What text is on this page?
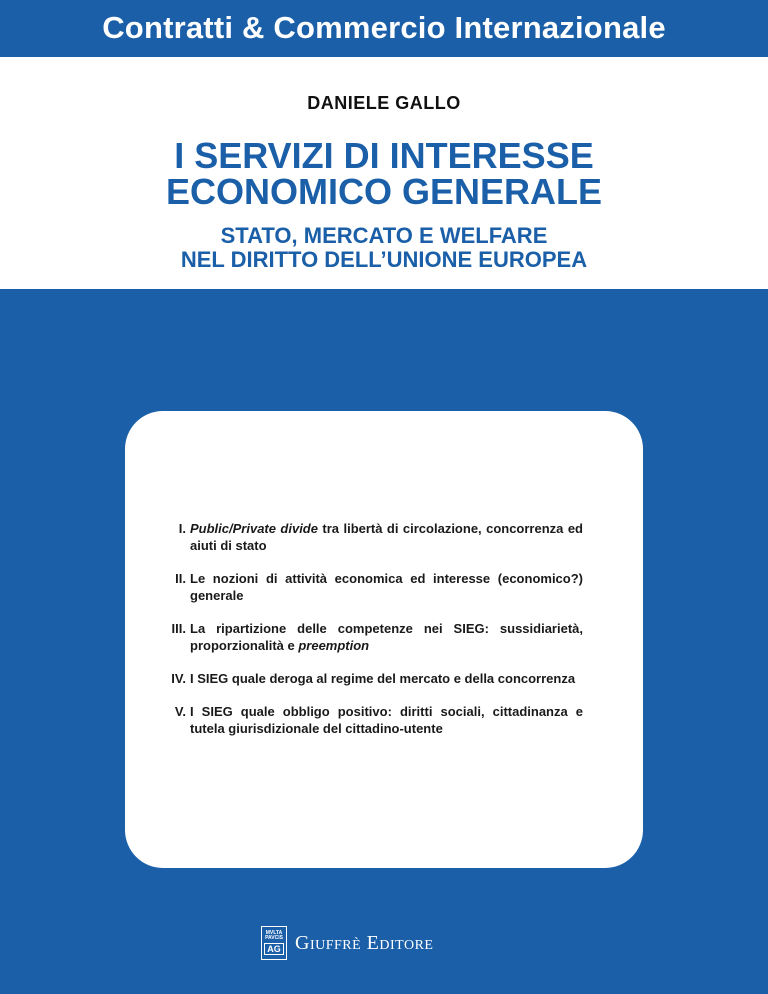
Contratti & Commercio Internazionale
DANIELE GALLO
I SERVIZI DI INTERESSE
ECONOMICO GENERALE
STATO, MERCATO E WELFARE
NEL DIRITTO DELL’UNIONE EUROPEA
I. Public/Private divide tra libertà di circolazione, concorrenza ed aiuti di stato
II. Le nozioni di attività economica ed interesse (economico?) generale
III. La ripartizione delle competenze nei SIEG: sussidiarietà, proporzionalità e preemption
IV. I SIEG quale deroga al regime del mercato e della concorrenza
V. I SIEG quale obbligo positivo: diritti sociali, cittadinanza e tutela giurisdizionale del cittadino-utente
MVLTA
PAVCIS
AG Giuffrè Editore
